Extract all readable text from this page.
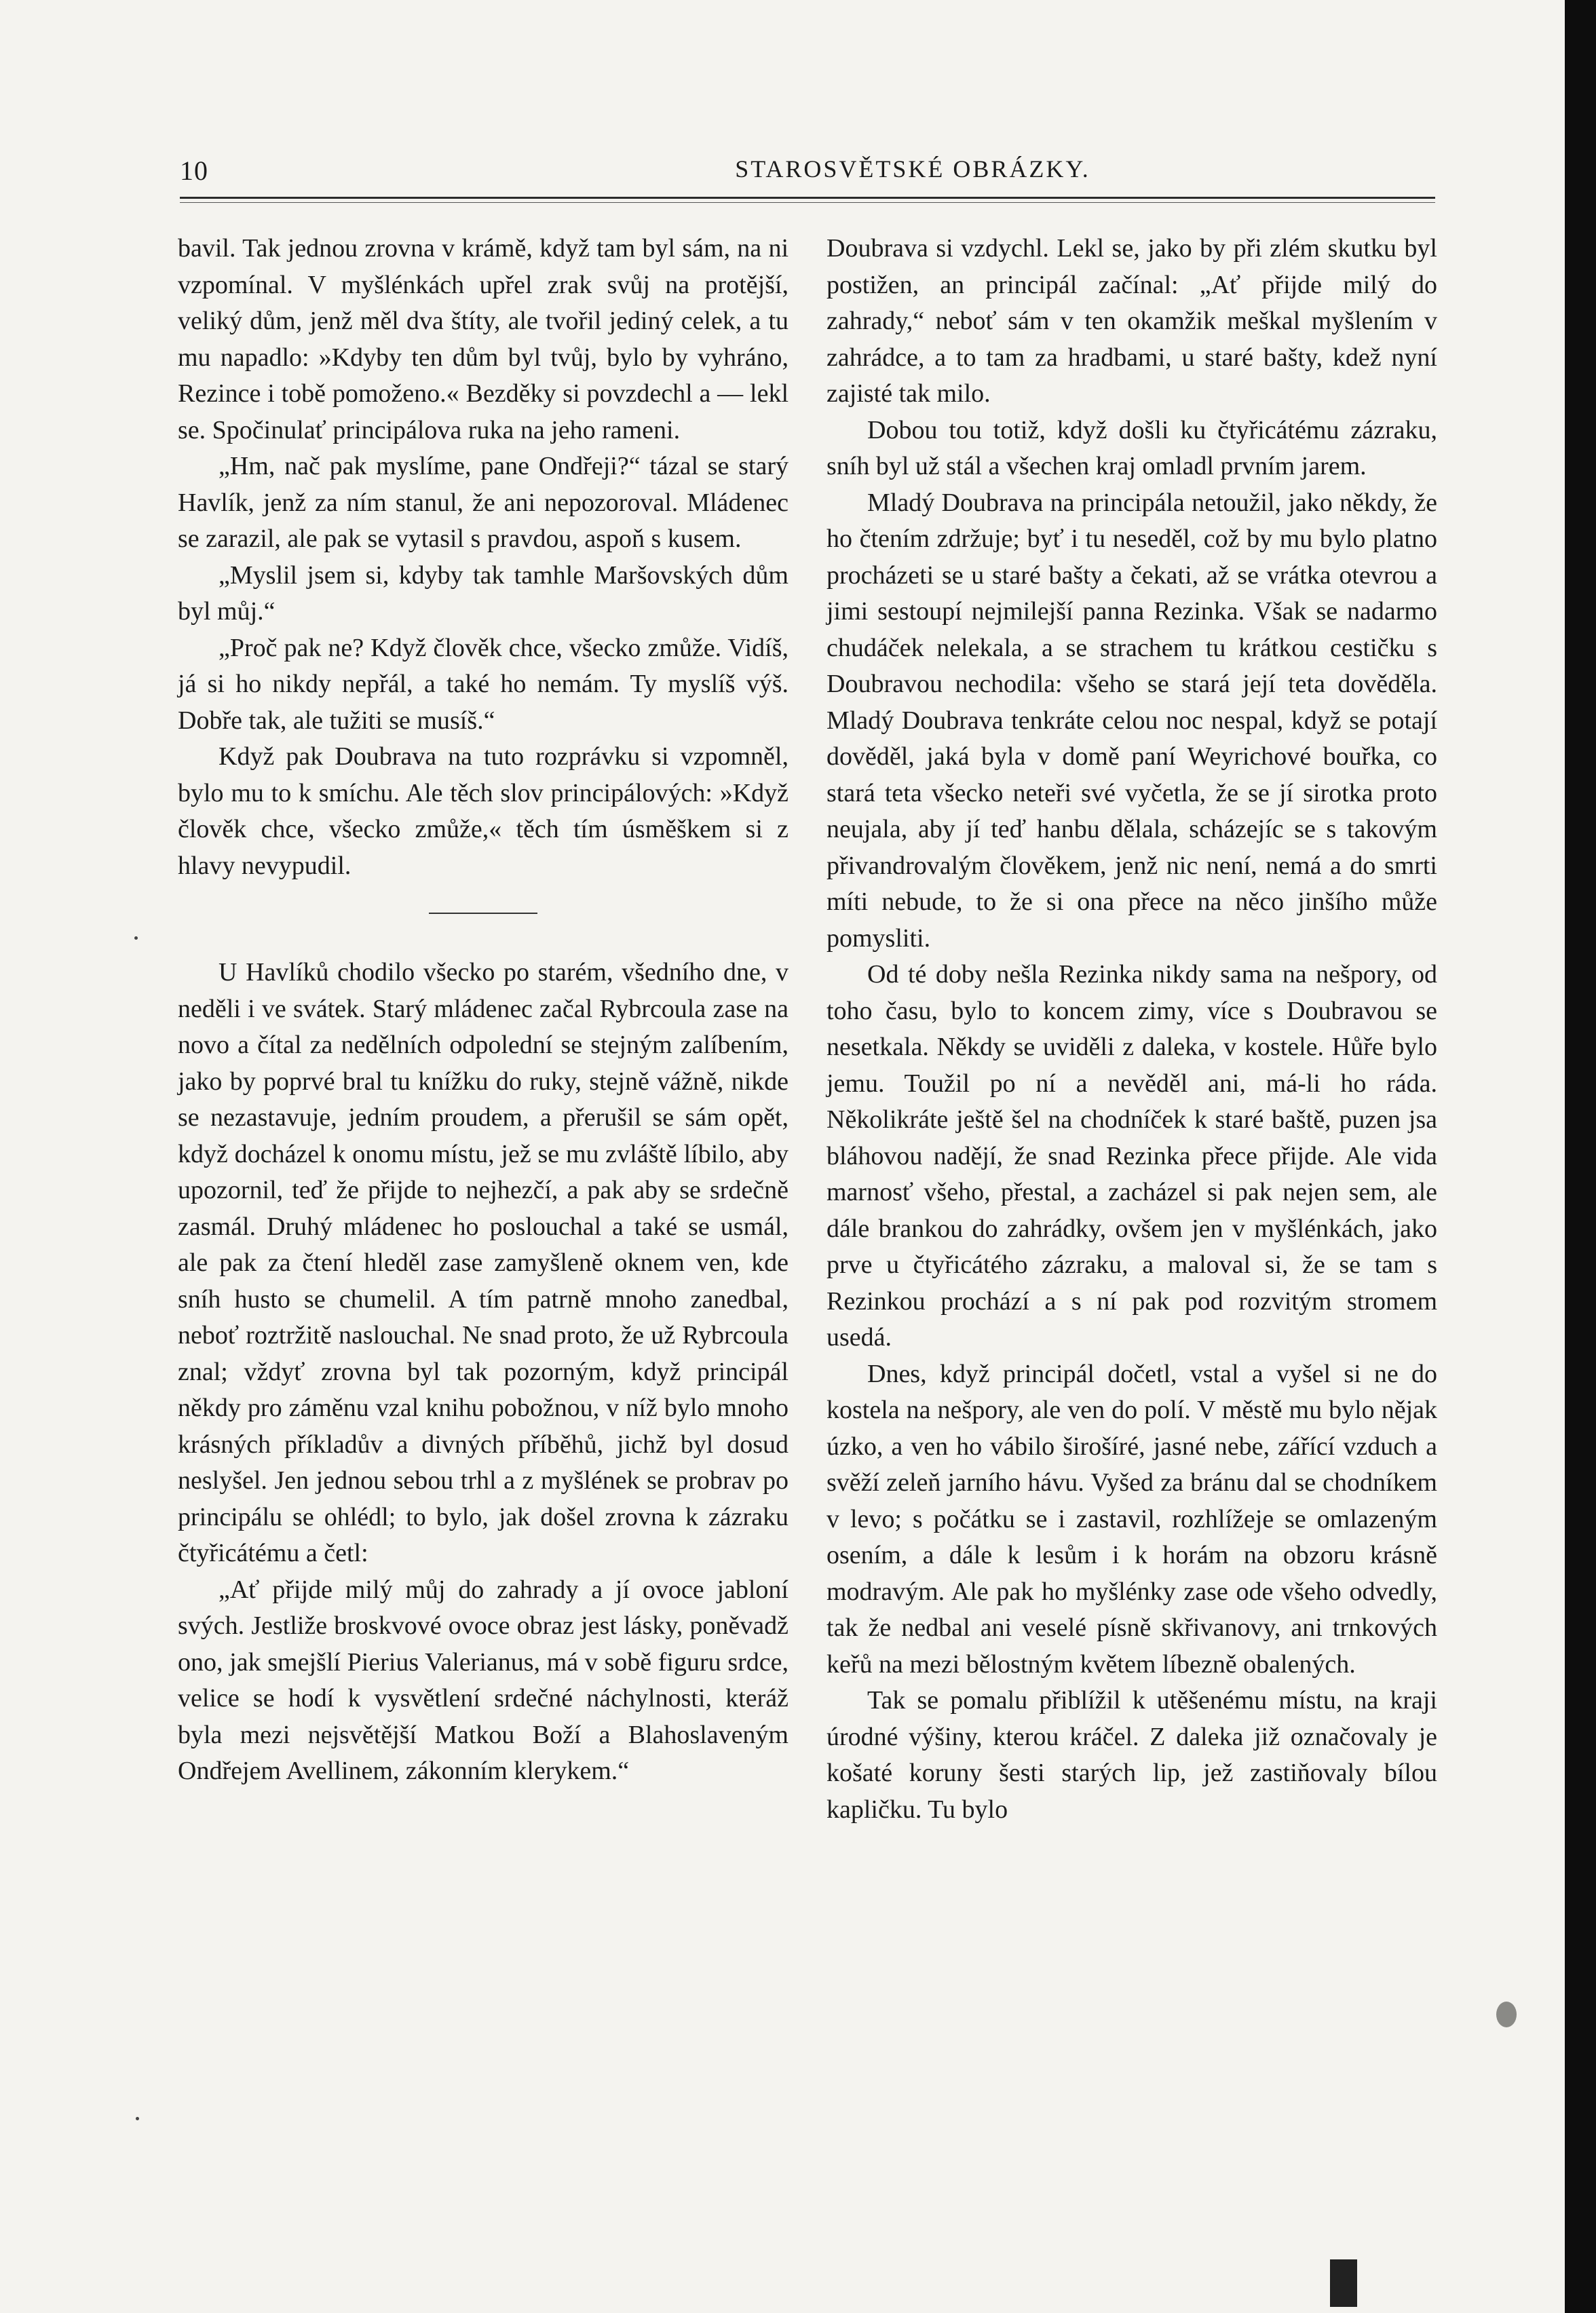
10	STAROSVĚTSKÉ OBRÁZKY.

bavil. Tak jednou zrovna v krámě, když tam byl sám, na ni vzpomínal. V myšlénkách upřel zrak svůj na protější, veliký dům, jenž měl dva štíty, ale tvořil jediný celek, a tu mu napadlo: »Kdyby ten dům byl tvůj, bylo by vyhráno, Rezince i tobě pomoženo.« Bezděky si povzdechl a — lekl se. Spočinulať principálova ruka na jeho rameni.

„Hm, nač pak myslíme, pane Ondřeji?“ tázal se starý Havlík, jenž za ním stanul, že ani nepozoroval. Mládenec se zarazil, ale pak se vytasil s pravdou, aspoň s kusem.

„Myslil jsem si, kdyby tak tamhle Maršovských dům byl můj.“

„Proč pak ne? Když člověk chce, všecko zmůže. Vidíš, já si ho nikdy nepřál, a také ho nemám. Ty myslíš výš. Dobře tak, ale tužiti se musíš.“

Když pak Doubrava na tuto rozprávku si vzpomněl, bylo mu to k smíchu. Ale těch slov principálových: »Když člověk chce, všecko zmůže,« těch tím úsměškem si z hlavy nevypudil.

U Havlíků chodilo všecko po starém, všedního dne, v neděli i ve svátek. Starý mládenec začal Rybrcoula zase na novo a čítal za nedělních odpolední se stejným zalíbením, jako by poprvé bral tu knížku do ruky, stejně vážně, nikde se nezastavuje, jedním proudem, a přerušil se sám opět, když docházel k onomu místu, jež se mu zvláště líbilo, aby upozornil, teď že přijde to nejhezčí, a pak aby se srdečně zasmál. Druhý mládenec ho poslouchal a také se usmál, ale pak za čtení hleděl zase zamyšleně oknem ven, kde sníh husto se chumelil. A tím patrně mnoho zanedbal, neboť roztržitě naslouchal. Ne snad proto, že už Rybrcoula znal; vždyť zrovna byl tak pozorným, když principál někdy pro záměnu vzal knihu pobožnou, v níž bylo mnoho krásných příkladův a divných příběhů, jichž byl dosud neslyšel. Jen jednou sebou trhl a z myšlének se probrav po principálu se ohlédl; to bylo, jak došel zrovna k zázraku čtyřicátému a četl:

„Ať přijde milý můj do zahrady a jí ovoce jabloní svých. Jestliže broskvové ovoce obraz jest lásky, poněvadž ono, jak smejšlí Pierius Valerianus, má v sobě figuru srdce, velice se hodí k vysvětlení srdečné náchylnosti, kteráž byla mezi nejsvětější Matkou Boží a Blahoslaveným Ondřejem Avellinem, zákonním klerykem.“

Doubrava si vzdychl. Lekl se, jako by při zlém skutku byl postižen, an principál začínal: „Ať přijde milý do zahrady,“ neboť sám v ten okamžik meškal myšlením v zahrádce, a to tam za hradbami, u staré bašty, kdež nyní zajisté tak milo.

Dobou tou totiž, když došli ku čtyřicátému zázraku, sníh byl už stál a všechen kraj omladl prvním jarem.

Mladý Doubrava na principála netoužil, jako někdy, že ho čtením zdržuje; byť i tu neseděl, což by mu bylo platno procházeti se u staré bašty a čekati, až se vrátka otevrou a jimi sestoupí nejmilejší panna Rezinka. Však se nadarmo chudáček nelekala, a se strachem tu krátkou cestičku s Doubravou nechodila: všeho se stará její teta dověděla. Mladý Doubrava tenkráte celou noc nespal, když se potají dověděl, jaká byla v domě paní Weyrichové bouřka, co stará teta všecko neteři své vyčetla, že se jí sirotka proto neujala, aby jí teď hanbu dělala, scházejíc se s takovým přivandrovalým člověkem, jenž nic není, nemá a do smrti míti nebude, to že si ona přece na něco jinšího může pomysliti.

Od té doby nešla Rezinka nikdy sama na nešpory, od toho času, bylo to koncem zimy, více s Doubravou se nesetkala. Někdy se uviděli z daleka, v kostele. Hůře bylo jemu. Toužil po ní a nevěděl ani, má-li ho ráda. Několikráte ještě šel na chodníček k staré baště, puzen jsa bláhovou nadějí, že snad Rezinka přece přijde. Ale vida marnosť všeho, přestal, a zacházel si pak nejen sem, ale dále brankou do zahrádky, ovšem jen v myšlénkách, jako prve u čtyřicátého zázraku, a maloval si, že se tam s Rezinkou prochází a s ní pak pod rozvitým stromem usedá.

Dnes, když principál dočetl, vstal a vyšel si ne do kostela na nešpory, ale ven do polí. V městě mu bylo nějak úzko, a ven ho vábilo širošíré, jasné nebe, zářící vzduch a svěží zeleň jarního hávu. Vyšed za bránu dal se chodníkem v levo; s počátku se i zastavil, rozhlížeje se omlazeným osením, a dále k lesům i k horám na obzoru krásně modravým. Ale pak ho myšlénky zase ode všeho odvedly, tak že nedbal ani veselé písně skřivanovy, ani trnkových keřů na mezi bělostným květem líbezně obalených.

Tak se pomalu přiblížil k utěšenému místu, na kraji úrodné výšiny, kterou kráčel. Z daleka již označovaly je košaté koruny šesti starých lip, jež zastiňovaly bílou kapličku. Tu bylo
